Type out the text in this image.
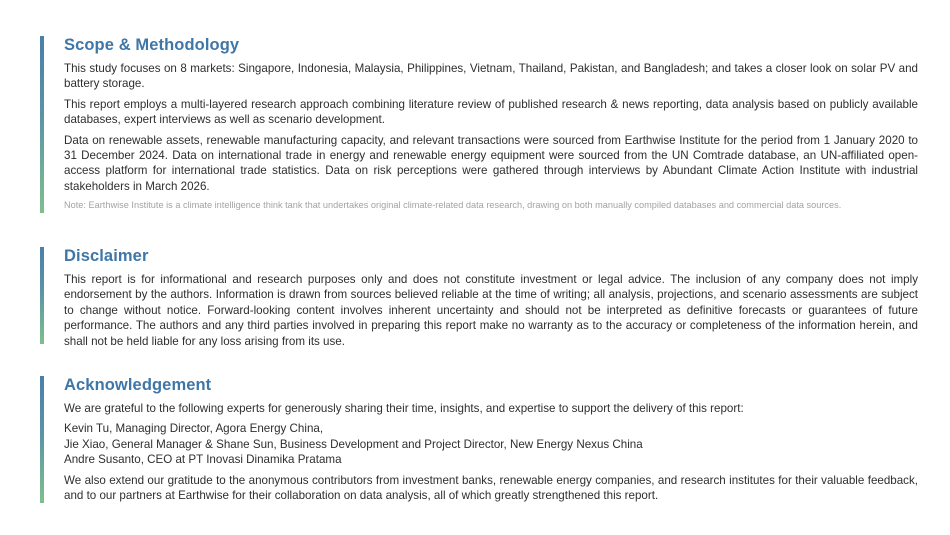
Scope & Methodology

This study focuses on 8 markets: Singapore, Indonesia, Malaysia, Philippines, Vietnam, Thailand, Pakistan, and Bangladesh; and takes a closer look on solar PV and battery storage.

This report employs a multi-layered research approach combining literature review of published research & news reporting, data analysis based on publicly available databases, expert interviews as well as scenario development.

Data on renewable assets, renewable manufacturing capacity, and relevant transactions were sourced from Earthwise Institute for the period from 1 January 2020 to 31 December 2024. Data on international trade in energy and renewable energy equipment were sourced from the UN Comtrade database, an UN-affiliated open-access platform for international trade statistics. Data on risk perceptions were gathered through interviews by Abundant Climate Action Institute with industrial stakeholders in March 2026.

Note: Earthwise Institute is a climate intelligence think tank that undertakes original climate-related data research, drawing on both manually compiled databases and commercial data sources.

Disclaimer

This report is for informational and research purposes only and does not constitute investment or legal advice. The inclusion of any company does not imply endorsement by the authors. Information is drawn from sources believed reliable at the time of writing; all analysis, projections, and scenario assessments are subject to change without notice. Forward-looking content involves inherent uncertainty and should not be interpreted as definitive forecasts or guarantees of future performance. The authors and any third parties involved in preparing this report make no warranty as to the accuracy or completeness of the information herein, and shall not be held liable for any loss arising from its use.

Acknowledgement

We are grateful to the following experts for generously sharing their time, insights, and expertise to support the delivery of this report:

Kevin Tu, Managing Director, Agora Energy China,
Jie Xiao, General Manager & Shane Sun, Business Development and Project Director, New Energy Nexus China
Andre Susanto, CEO at PT Inovasi Dinamika Pratama

We also extend our gratitude to the anonymous contributors from investment banks, renewable energy companies, and research institutes for their valuable feedback, and to our partners at Earthwise for their collaboration on data analysis, all of which greatly strengthened this report.
